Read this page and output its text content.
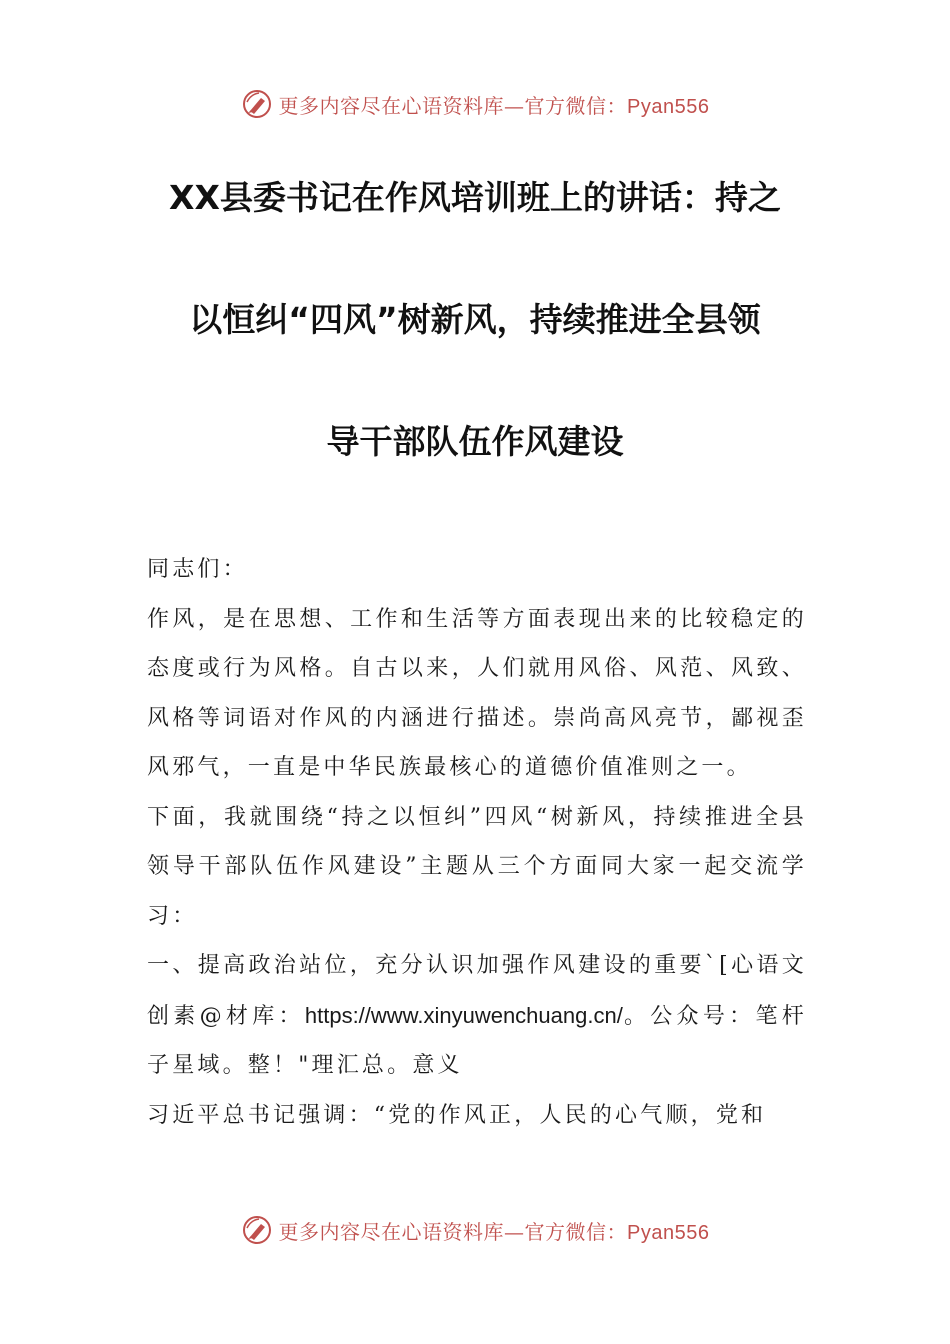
更多内容尽在心语资料库—官方微信：Pyan556
XX县委书记在作风培训班上的讲话：持之
以恒纠“四风”树新风，持续推进全县领
导干部队伍作风建设

同志们：

作风，是在思想、工作和生活等方面表现出来的比较稳定的态度或行为风格。自古以来，人们就用风俗、风范、风致、风格等词语对作风的内涵进行描述。崇尚高风亮节，鄙视歪风邪气，一直是中华民族最核心的道德价值准则之一。

下面，我就围绕“持之以恒纠”四风“树新风，持续推进全县领导干部队伍作风建设”主题从三个方面同大家一起交流学习：

一、提高政治站位，充分认识加强作风建设的重要`[心语文创素@材库：https://www.xinyuwenchuang.cn/。公众号：笔杆子星域。整！"理汇总。意义

习近平总书记强调：“党的作风正，人民的心气顺，党和

更多内容尽在心语资料库—官方微信：Pyan556
